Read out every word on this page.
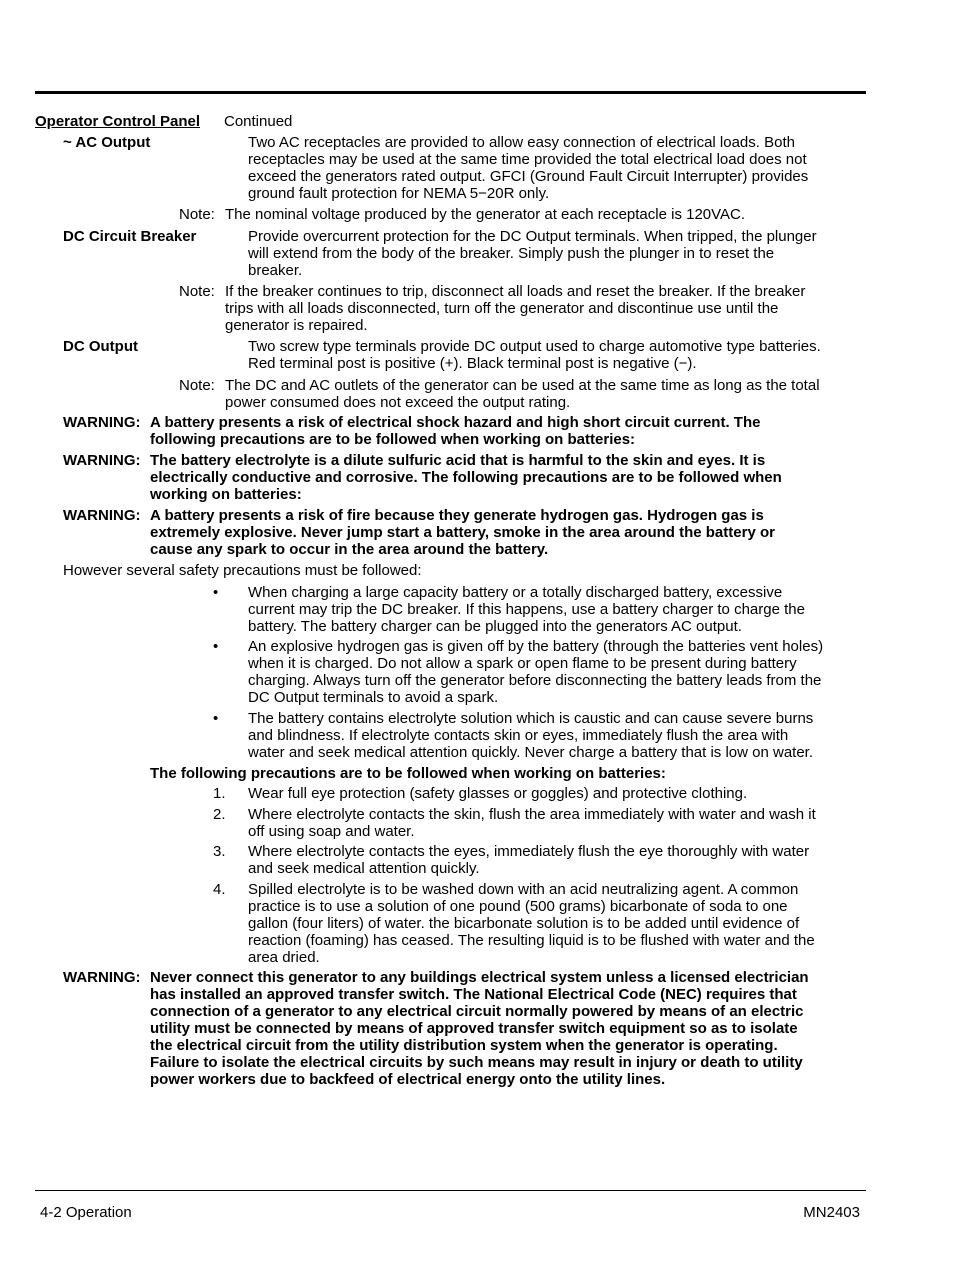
Operator Control Panel Continued
~ AC Output	Two AC receptacles are provided to allow easy connection of electrical loads. Both
receptacles may be used at the same time provided the total electrical load does not
exceed the generators rated output. GFCI (Ground Fault Circuit Interrupter) provides
ground fault protection for NEMA 5−20R only.
Note: The nominal voltage produced by the generator at each receptacle is 120VAC.
DC Circuit Breaker	Provide overcurrent protection for the DC Output terminals. When tripped, the plunger
will extend from the body of the breaker. Simply push the plunger in to reset the
breaker.
Note: If the breaker continues to trip, disconnect all loads and reset the breaker. If the breaker
trips with all loads disconnected, turn off the generator and discontinue use until the
generator is repaired.
DC Output	Two screw type terminals provide DC output used to charge automotive type batteries.
Red terminal post is positive (+). Black terminal post is negative (−).
Note: The DC and AC outlets of the generator can be used at the same time as long as the total
power consumed does not exceed the output rating.
WARNING: A battery presents a risk of electrical shock hazard and high short circuit current. The
following precautions are to be followed when working on batteries:
WARNING: The battery electrolyte is a dilute sulfuric acid that is harmful to the skin and eyes. It is
electrically conductive and corrosive. The following precautions are to be followed when
working on batteries:
WARNING: A battery presents a risk of fire because they generate hydrogen gas. Hydrogen gas is
extremely explosive. Never jump start a battery, smoke in the area around the battery or
cause any spark to occur in the area around the battery.
However several safety precautions must be followed:
• When charging a large capacity battery or a totally discharged battery, excessive
current may trip the DC breaker. If this happens, use a battery charger to charge the
battery. The battery charger can be plugged into the generators AC output.
• An explosive hydrogen gas is given off by the battery (through the batteries vent holes)
when it is charged. Do not allow a spark or open flame to be present during battery
charging. Always turn off the generator before disconnecting the battery leads from the
DC Output terminals to avoid a spark.
• The battery contains electrolyte solution which is caustic and can cause severe burns
and blindness. If electrolyte contacts skin or eyes, immediately flush the area with
water and seek medical attention quickly. Never charge a battery that is low on water.
The following precautions are to be followed when working on batteries:
1. Wear full eye protection (safety glasses or goggles) and protective clothing.
2. Where electrolyte contacts the skin, flush the area immediately with water and wash it
off using soap and water.
3. Where electrolyte contacts the eyes, immediately flush the eye thoroughly with water
and seek medical attention quickly.
4. Spilled electrolyte is to be washed down with an acid neutralizing agent. A common
practice is to use a solution of one pound (500 grams) bicarbonate of soda to one
gallon (four liters) of water. the bicarbonate solution is to be added until evidence of
reaction (foaming) has ceased. The resulting liquid is to be flushed with water and the
area dried.
WARNING: Never connect this generator to any buildings electrical system unless a licensed electrician
has installed an approved transfer switch. The National Electrical Code (NEC) requires that
connection of a generator to any electrical circuit normally powered by means of an electric
utility must be connected by means of approved transfer switch equipment so as to isolate
the electrical circuit from the utility distribution system when the generator is operating.
Failure to isolate the electrical circuits by such means may result in injury or death to utility
power workers due to backfeed of electrical energy onto the utility lines.
4-2 Operation	MN2403
